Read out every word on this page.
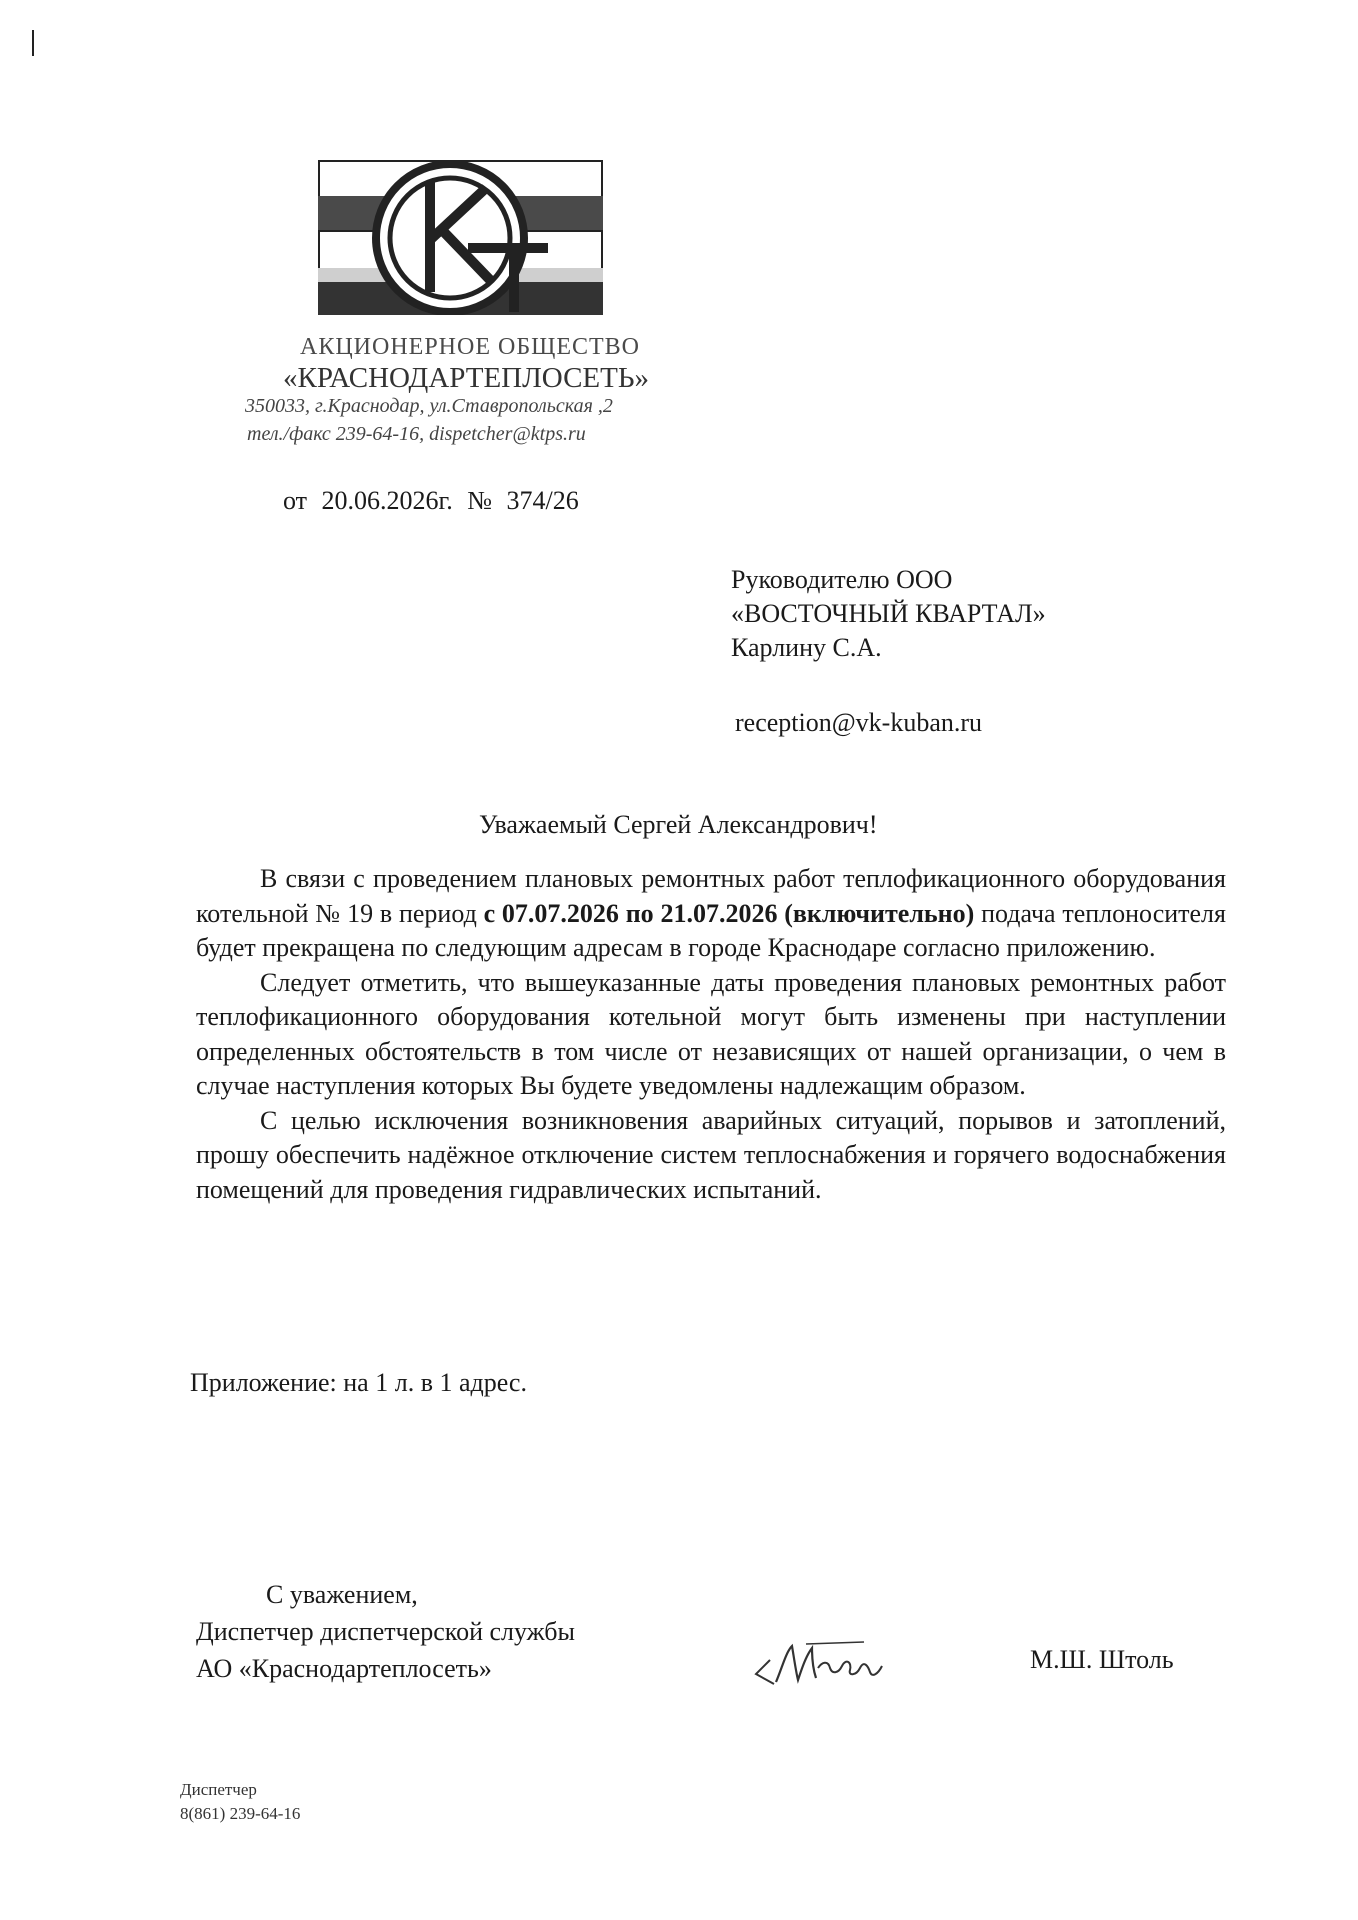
АКЦИОНЕРНОЕ ОБЩЕСТВО
«КРАСНОДАРТЕПЛОСЕТЬ»
350033, г.Краснодар, ул.Ставропольская ,2
тел./факс 239-64-16, dispetcher@ktps.ru
от 20.06.2026г. № 374/26
Руководителю ООО
«ВОСТОЧНЫЙ КВАРТАЛ»
Карлину С.А.
reception@vk-kuban.ru
Уважаемый Сергей Александрович!

В связи с проведением плановых ремонтных работ теплофикационного оборудования котельной № 19 в период с 07.07.2026 по 21.07.2026 (включительно) подача теплоносителя будет прекращена по следующим адресам в городе Краснодаре согласно приложению.

Следует отметить, что вышеуказанные даты проведения плановых ремонтных работ теплофикационного оборудования котельной могут быть изменены при наступлении определенных обстоятельств в том числе от независящих от нашей организации, о чем в случае наступления которых Вы будете уведомлены надлежащим образом.

С целью исключения возникновения аварийных ситуаций, порывов и затоплений, прошу обеспечить надёжное отключение систем теплоснабжения и горячего водоснабжения помещений для проведения гидравлических испытаний.

Приложение: на 1 л. в 1 адрес.
С уважением,
Диспетчер диспетчерской службы
АО «Краснодартеплосеть»	М.Ш. Штоль
Диспетчер
8(861) 239-64-16
